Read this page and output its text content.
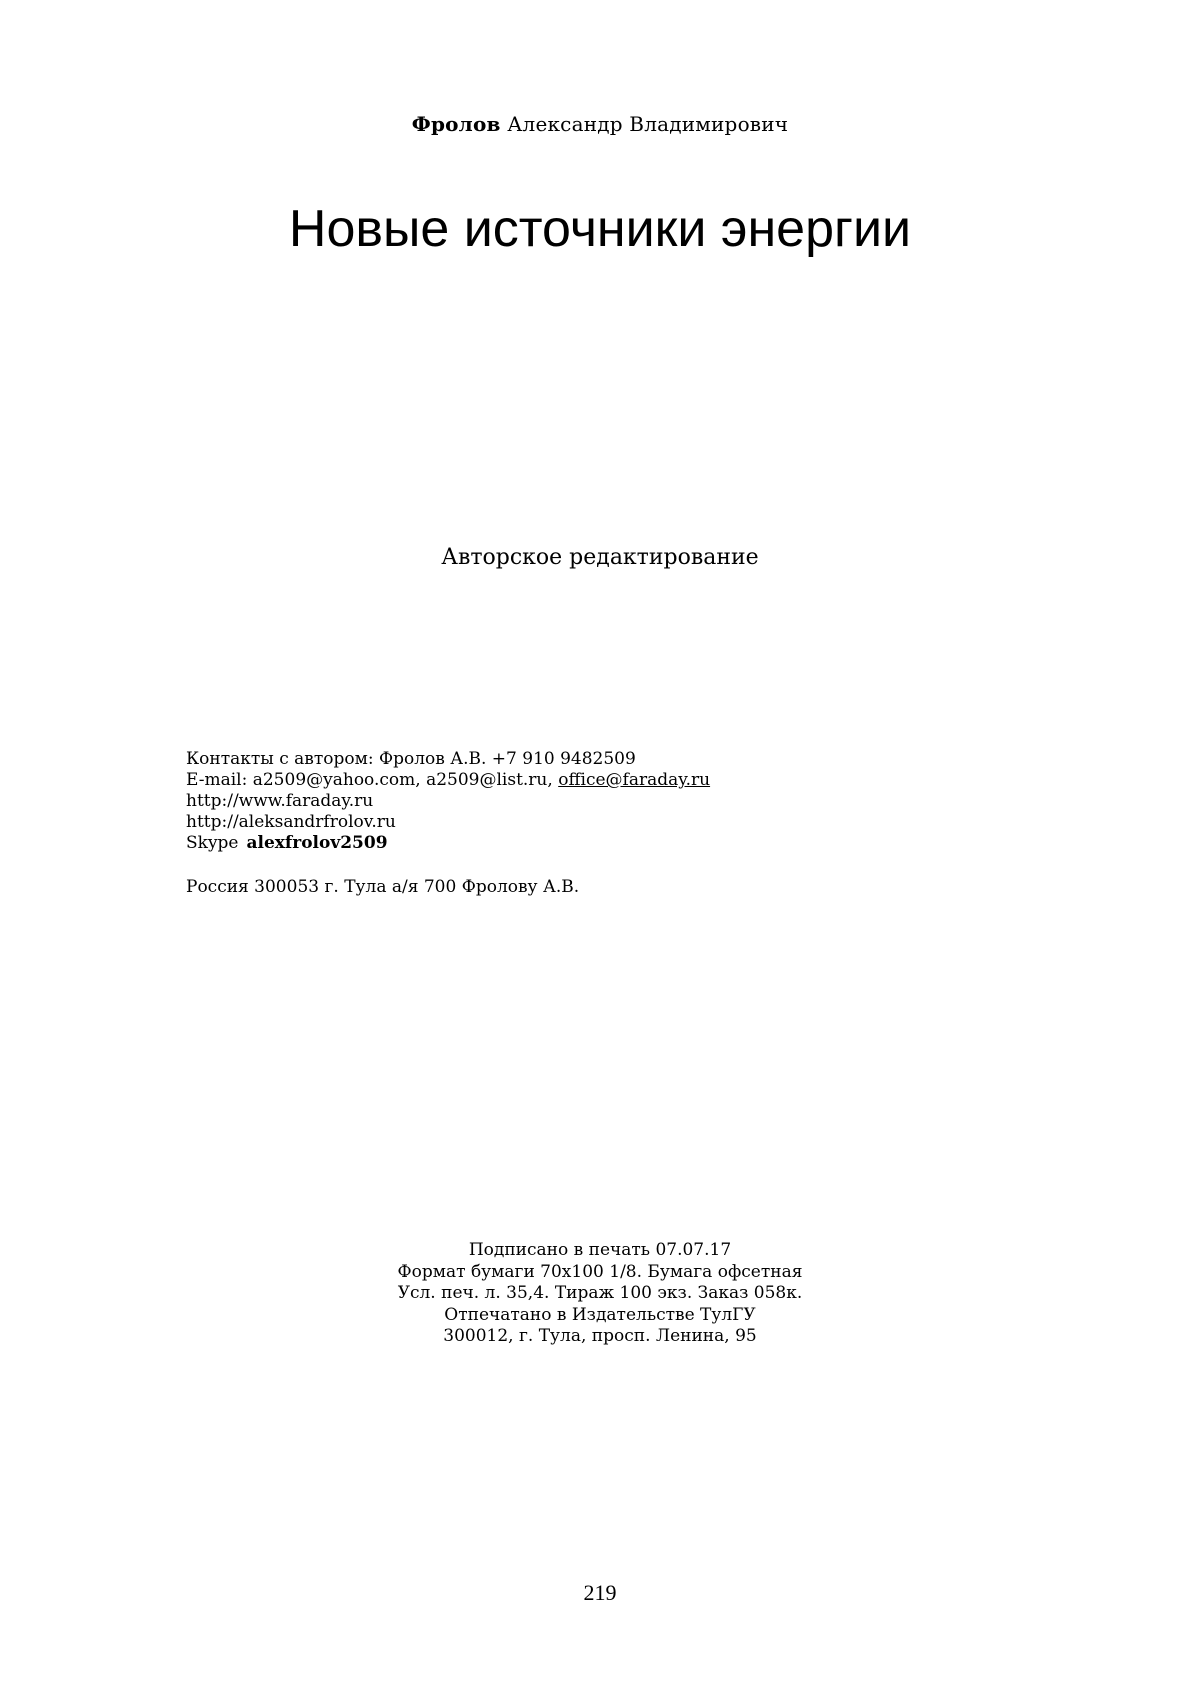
Фролов Александр Владимирович
Новые источники энергии
Авторское редактирование
Контакты с автором: Фролов А.В. +7 910 9482509
E-mail: a2509@yahoo.com, a2509@list.ru, office@faraday.ru
http://www.faraday.ru
http://aleksandrfrolov.ru
Skype alexfrolov2509
Россия 300053 г. Тула а/я 700 Фролову А.В.
Подписано в печать 07.07.17
Формат бумаги 70x100 1/8. Бумага офсетная
Усл. печ. л. 35,4. Тираж 100 экз. Заказ 058к.
Отпечатано в Издательстве ТулГУ
300012, г. Тула, просп. Ленина, 95
219
